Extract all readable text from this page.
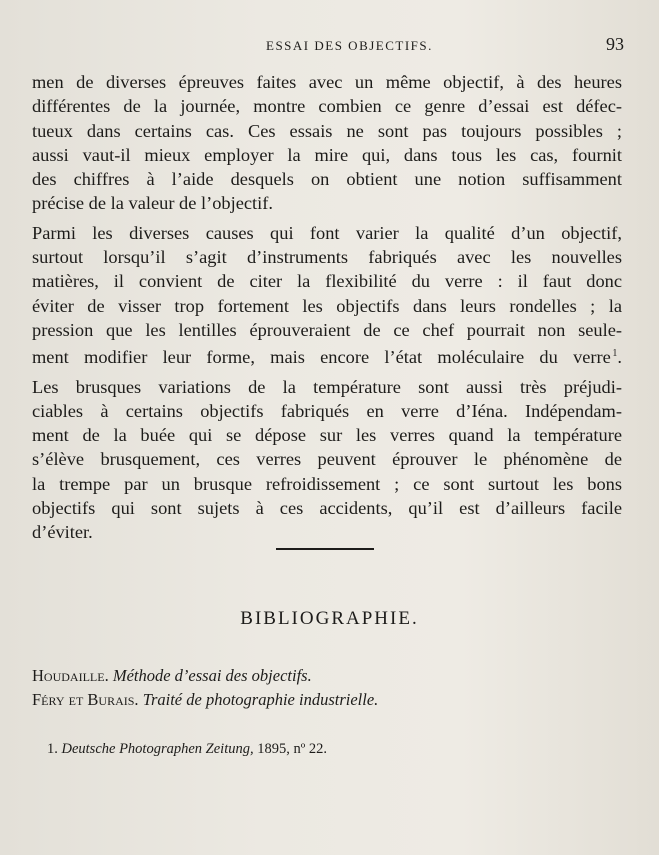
ESSAI DES OBJECTIFS.	93

men de diverses épreuves faites avec un même objectif, à des heures
différentes de la journée, montre combien ce genre d’essai est défec-
tueux dans certains cas. Ces essais ne sont pas toujours possibles ;
aussi vaut-il mieux employer la mire qui, dans tous les cas, fournit
des chiffres à l’aide desquels on obtient une notion suffisamment
précise de la valeur de l’objectif.

Parmi les diverses causes qui font varier la qualité d’un objectif,
surtout lorsqu’il s’agit d’instruments fabriqués avec les nouvelles
matières, il convient de citer la flexibilité du verre : il faut donc
éviter de visser trop fortement les objectifs dans leurs rondelles ; la
pression que les lentilles éprouveraient de ce chef pourrait non seule-
ment modifier leur forme, mais encore l’état moléculaire du verre  $^1$.

Les brusques variations de la température sont aussi très préjudi-
ciables à certains objectifs fabriqués en verre d’Iéna. Indépendam-
ment de la buée qui se dépose sur les verres quand la température
s’élève brusquement, ces verres peuvent éprouver le phénomène de
la trempe par un brusque refroidissement ; ce sont surtout les bons
objectifs qui sont sujets à ces accidents, qu’il est d’ailleurs facile
d’éviter.

BIBLIOGRAPHIE.
Houdaille. Méthode d’essai des objectifs.
Féry et Burais. Traité de photographie industrielle.
1. Deutsche Photographen Zeitung, 1895, nº 22.
